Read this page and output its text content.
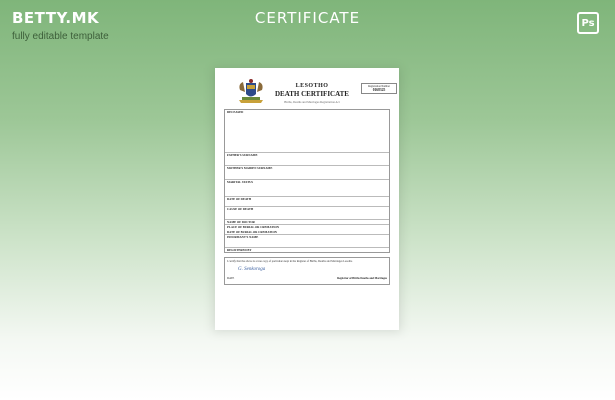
BETTY.MK
fully editable template
CERTIFICATE	Ps
LESOTHO
DEATH CERTIFICATE
Births, Deaths and Marriages Registration Act
Registration Number
0168325
DECEASED

FATHER'S SURNAME

MOTHER'S MAIDEN SURNAME

MARITAL STATUS

DATE OF DEATH
CAUSE OF DEATH

NAME OF DOCTOR
PLACE OF BURIAL OR CREMATION
DATE OF BURIAL OR CREMATION
INFORMANT'S NAME

REGISTERED BY
I certify that the above is a true copy of particulars kept in the Register of Births, Deaths and Marriages Lesotho
G. Senkoroga
DATE	Registrar of Births Deaths and Marriages
